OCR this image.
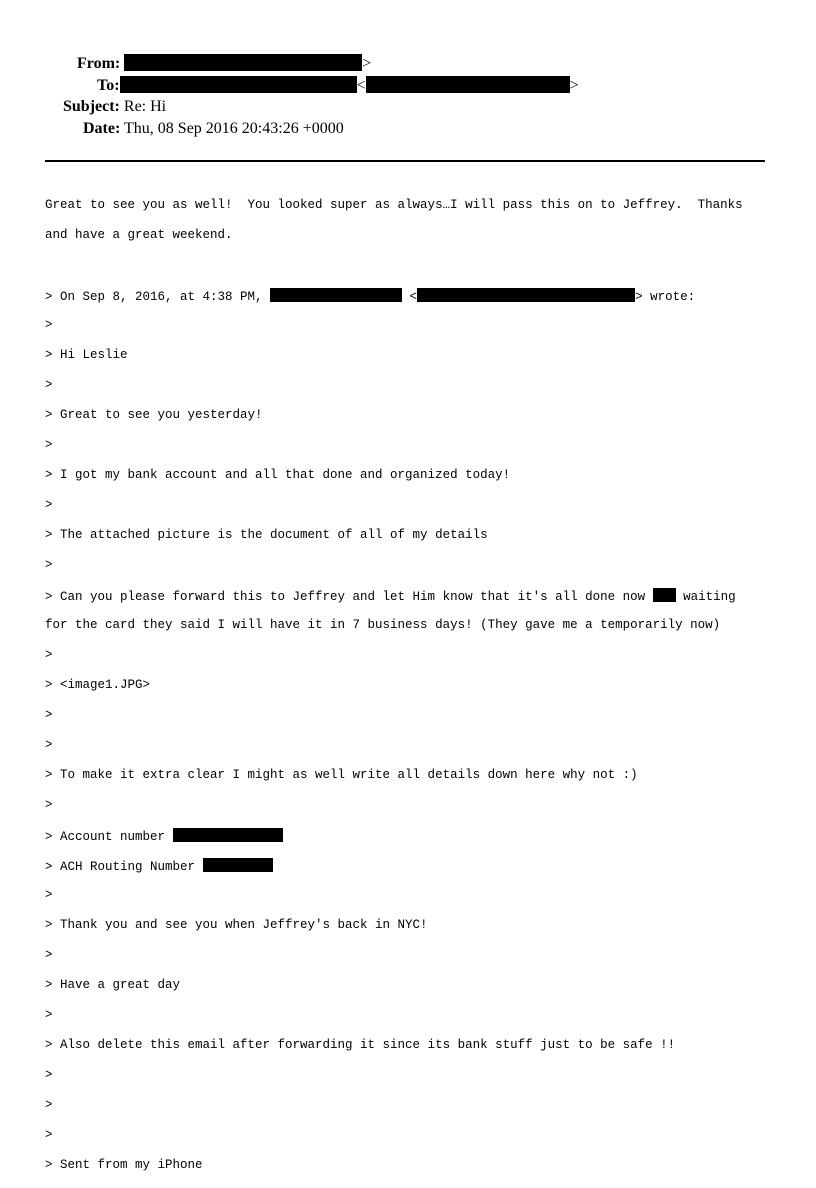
From:	>
To:	<	>
Subject: Re: Hi
Date: Thu, 08 Sep 2016 20:43:26 +0000

Great to see you as well!  You looked super as always…I will pass this on to Jeffrey.  Thanks

and have a great weekend.

> On Sep 8, 2016, at 4:38 PM,	<	> wrote:

>

> Hi Leslie

>

> Great to see you yesterday!

>

> I got my bank account and all that done and organized today!

>

> The attached picture is the document of all of my details

>

> Can you please forward this to Jeffrey and let Him know that it's all done now  waiting

for the card they said I will have it in 7 business days! (They gave me a temporarily now)

>

> <image1.JPG>

>

>

> To make it extra clear I might as well write all details down here why not :)

>

> Account number

> ACH Routing Number

>

> Thank you and see you when Jeffrey's back in NYC!

>

> Have a great day

>

> Also delete this email after forwarding it since its bank stuff just to be safe !!

>

>

>

> Sent from my iPhone
